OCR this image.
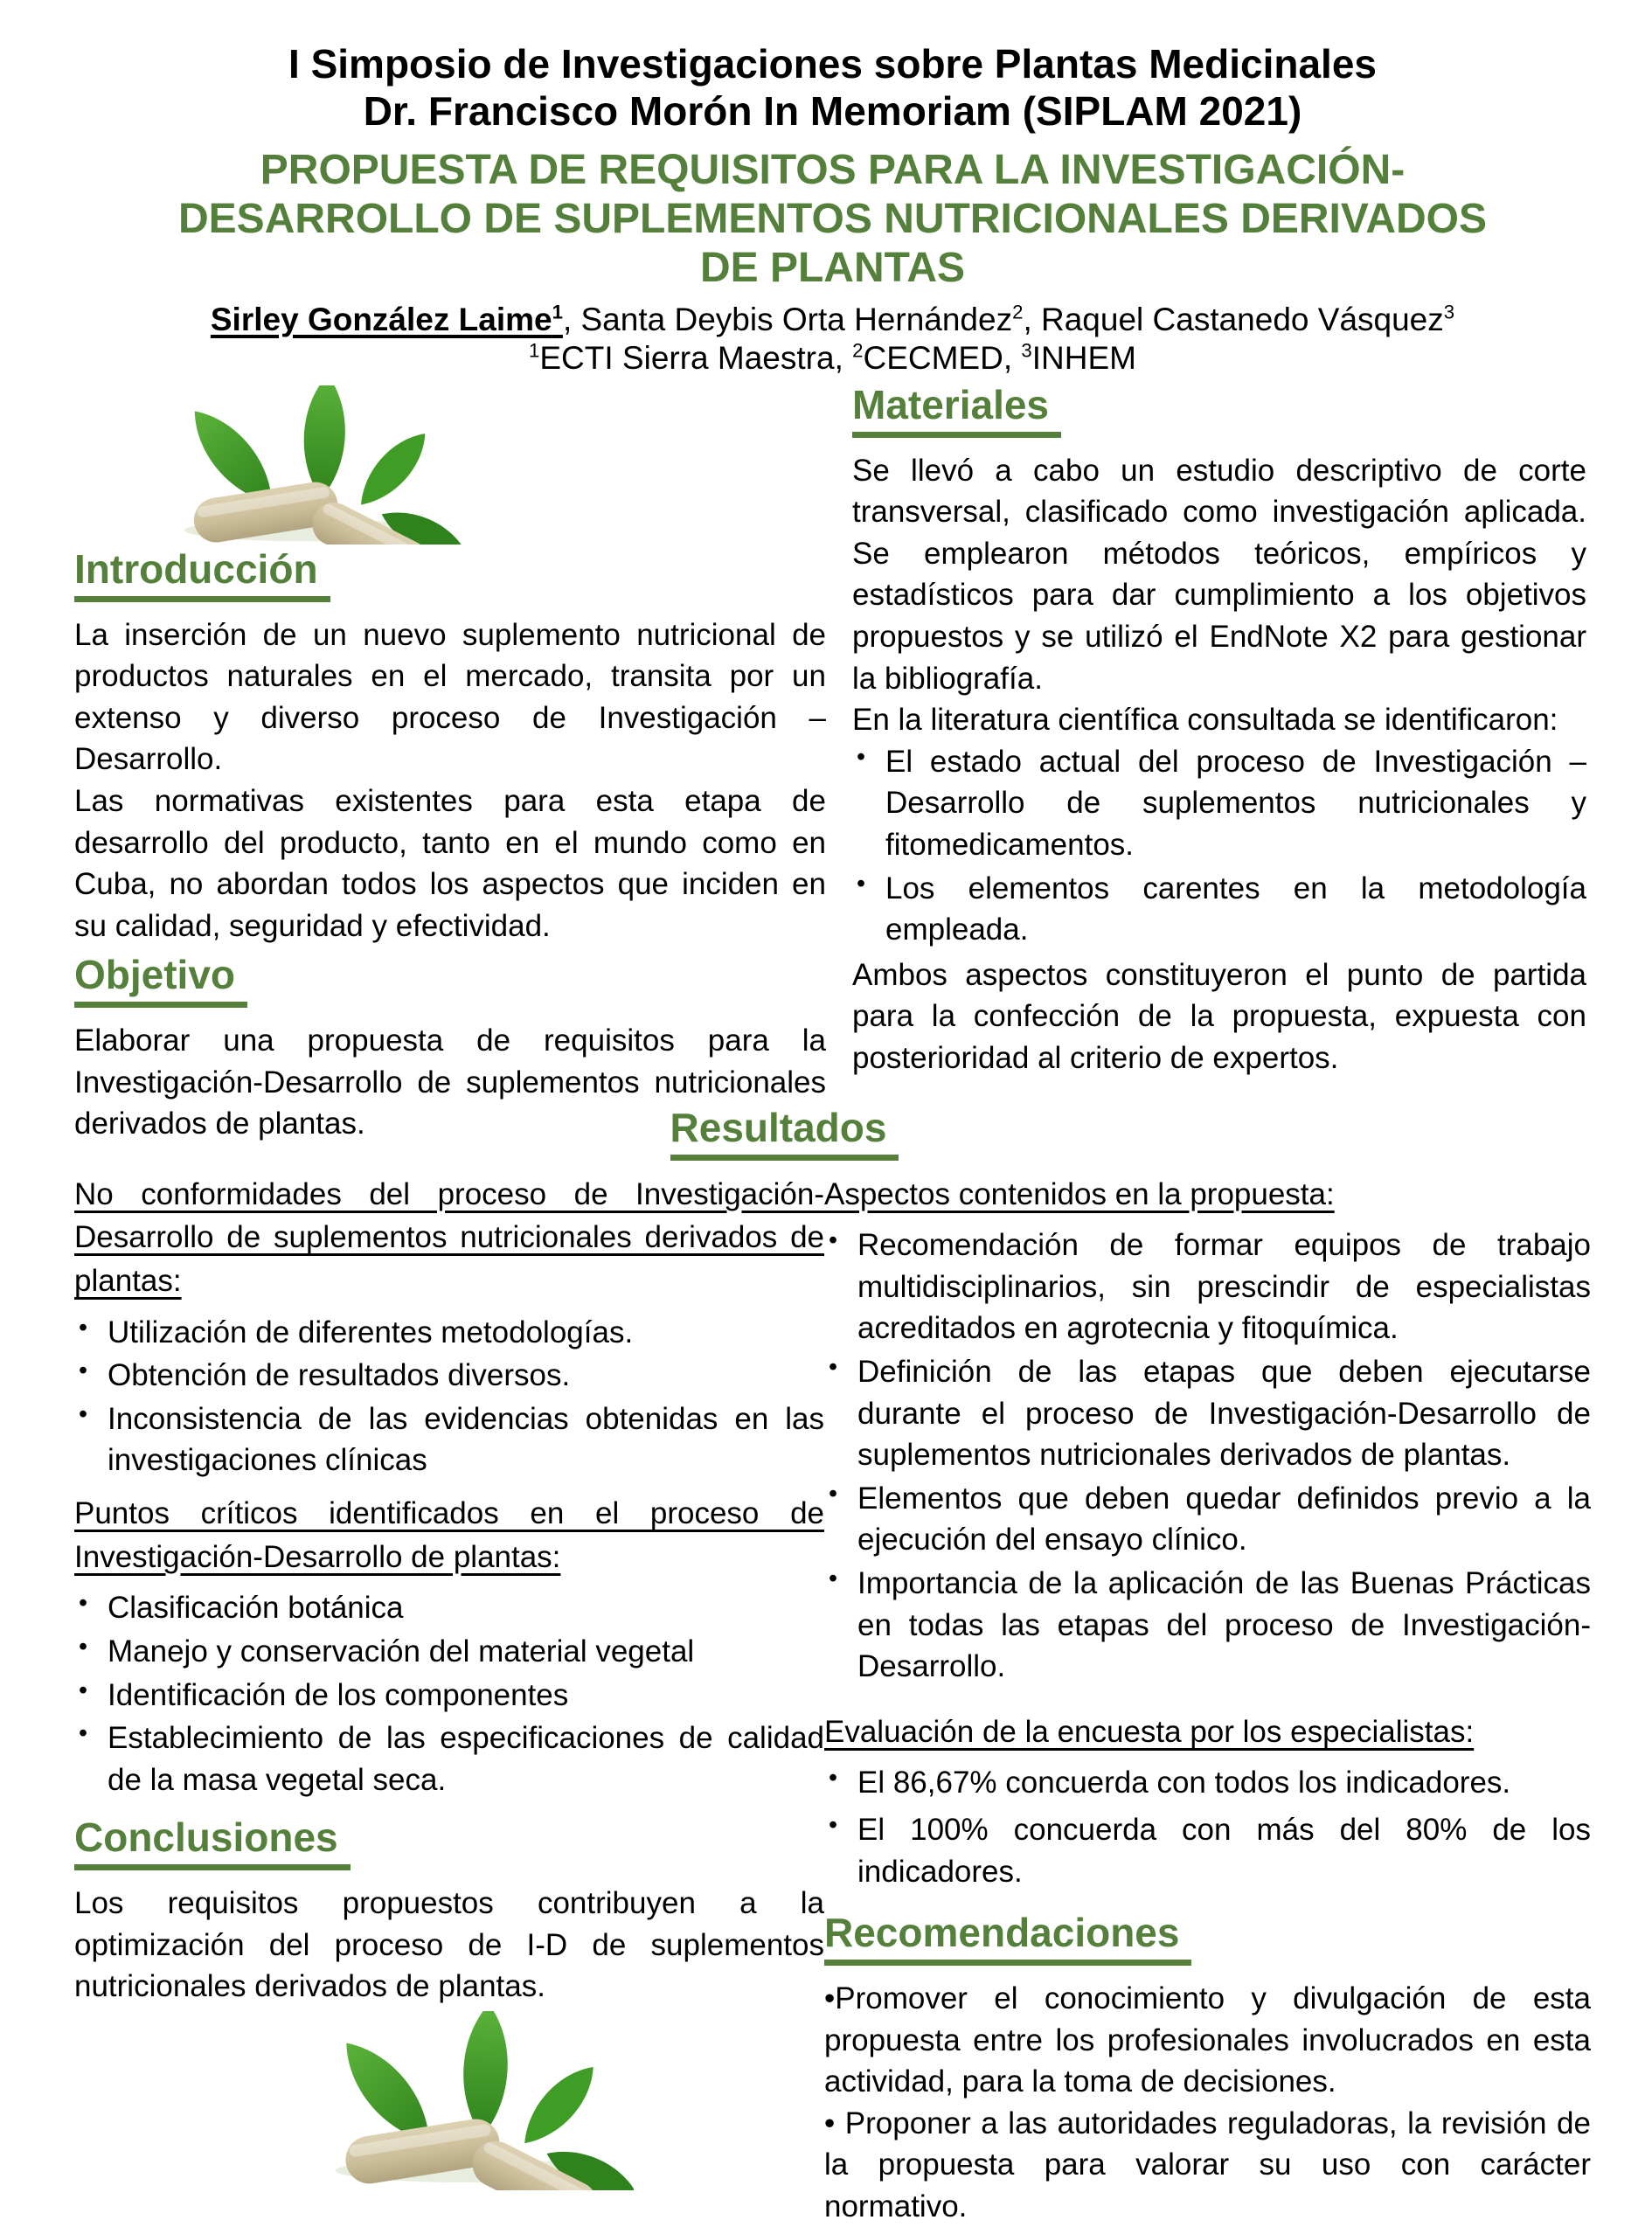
I Simposio de Investigaciones sobre Plantas Medicinales
Dr. Francisco Morón In Memoriam (SIPLAM 2021)
PROPUESTA DE REQUISITOS PARA LA INVESTIGACIÓN-
DESARROLLO DE SUPLEMENTOS NUTRICIONALES DERIVADOS
DE PLANTAS
Sirley González Laime$^1$, Santa Deybis Orta Hernández$^2$, Raquel Castanedo Vásquez$^3$
$^1$ECTI Sierra Maestra, $^2$CECMED, $^3$INHEM
Introducción

La inserción de un nuevo suplemento nutricional de productos naturales en el mercado, transita por un extenso y diverso proceso de Investigación – Desarrollo.

Las normativas existentes para esta etapa de desarrollo del producto, tanto en el mundo como en Cuba, no abordan todos los aspectos que inciden en su calidad, seguridad y efectividad.

Objetivo

Elaborar una propuesta de requisitos para la Investigación-Desarrollo de suplementos nutricionales derivados de plantas.

Materiales

Se llevó a cabo un estudio descriptivo de corte transversal, clasificado como investigación aplicada. Se emplearon métodos teóricos, empíricos y estadísticos para dar cumplimiento a los objetivos propuestos y se utilizó el EndNote X2 para gestionar la bibliografía.

En la literatura científica consultada se identificaron:

• El estado actual del proceso de Investigación – Desarrollo de suplementos nutricionales y fitomedicamentos.
• Los elementos carentes en la metodología empleada.

Ambos aspectos constituyeron el punto de partida para la confección de la propuesta, expuesta con posterioridad al criterio de expertos.

Resultados
No conformidades del proceso de Investigación-Desarrollo de suplementos nutricionales derivados de plantas:
• Utilización de diferentes metodologías.
• Obtención de resultados diversos.
• Inconsistencia de las evidencias obtenidas en las investigaciones clínicas
Puntos críticos identificados en el proceso de Investigación-Desarrollo de plantas:
• Clasificación botánica
• Manejo y conservación del material vegetal
• Identificación de los componentes
• Establecimiento de las especificaciones de calidad de la masa vegetal seca.
Conclusiones

Los requisitos propuestos contribuyen a la optimización del proceso de I-D de suplementos nutricionales derivados de plantas.

Aspectos contenidos en la propuesta:
• Recomendación de formar equipos de trabajo multidisciplinarios, sin prescindir de especialistas acreditados en agrotecnia y fitoquímica.
• Definición de las etapas que deben ejecutarse durante el proceso de Investigación-Desarrollo de suplementos nutricionales derivados de plantas.
• Elementos que deben quedar definidos previo a la ejecución del ensayo clínico.
• Importancia de la aplicación de las Buenas Prácticas en todas las etapas del proceso de Investigación-Desarrollo.
Evaluación de la encuesta por los especialistas:
• El 86,67% concuerda con todos los indicadores.
• El 100% concuerda con más del 80% de los indicadores.
Recomendaciones

•Promover el conocimiento y divulgación de esta propuesta entre los profesionales involucrados en esta actividad, para la toma de decisiones.

• Proponer a las autoridades reguladoras, la revisión de la propuesta para valorar su uso con carácter normativo.
